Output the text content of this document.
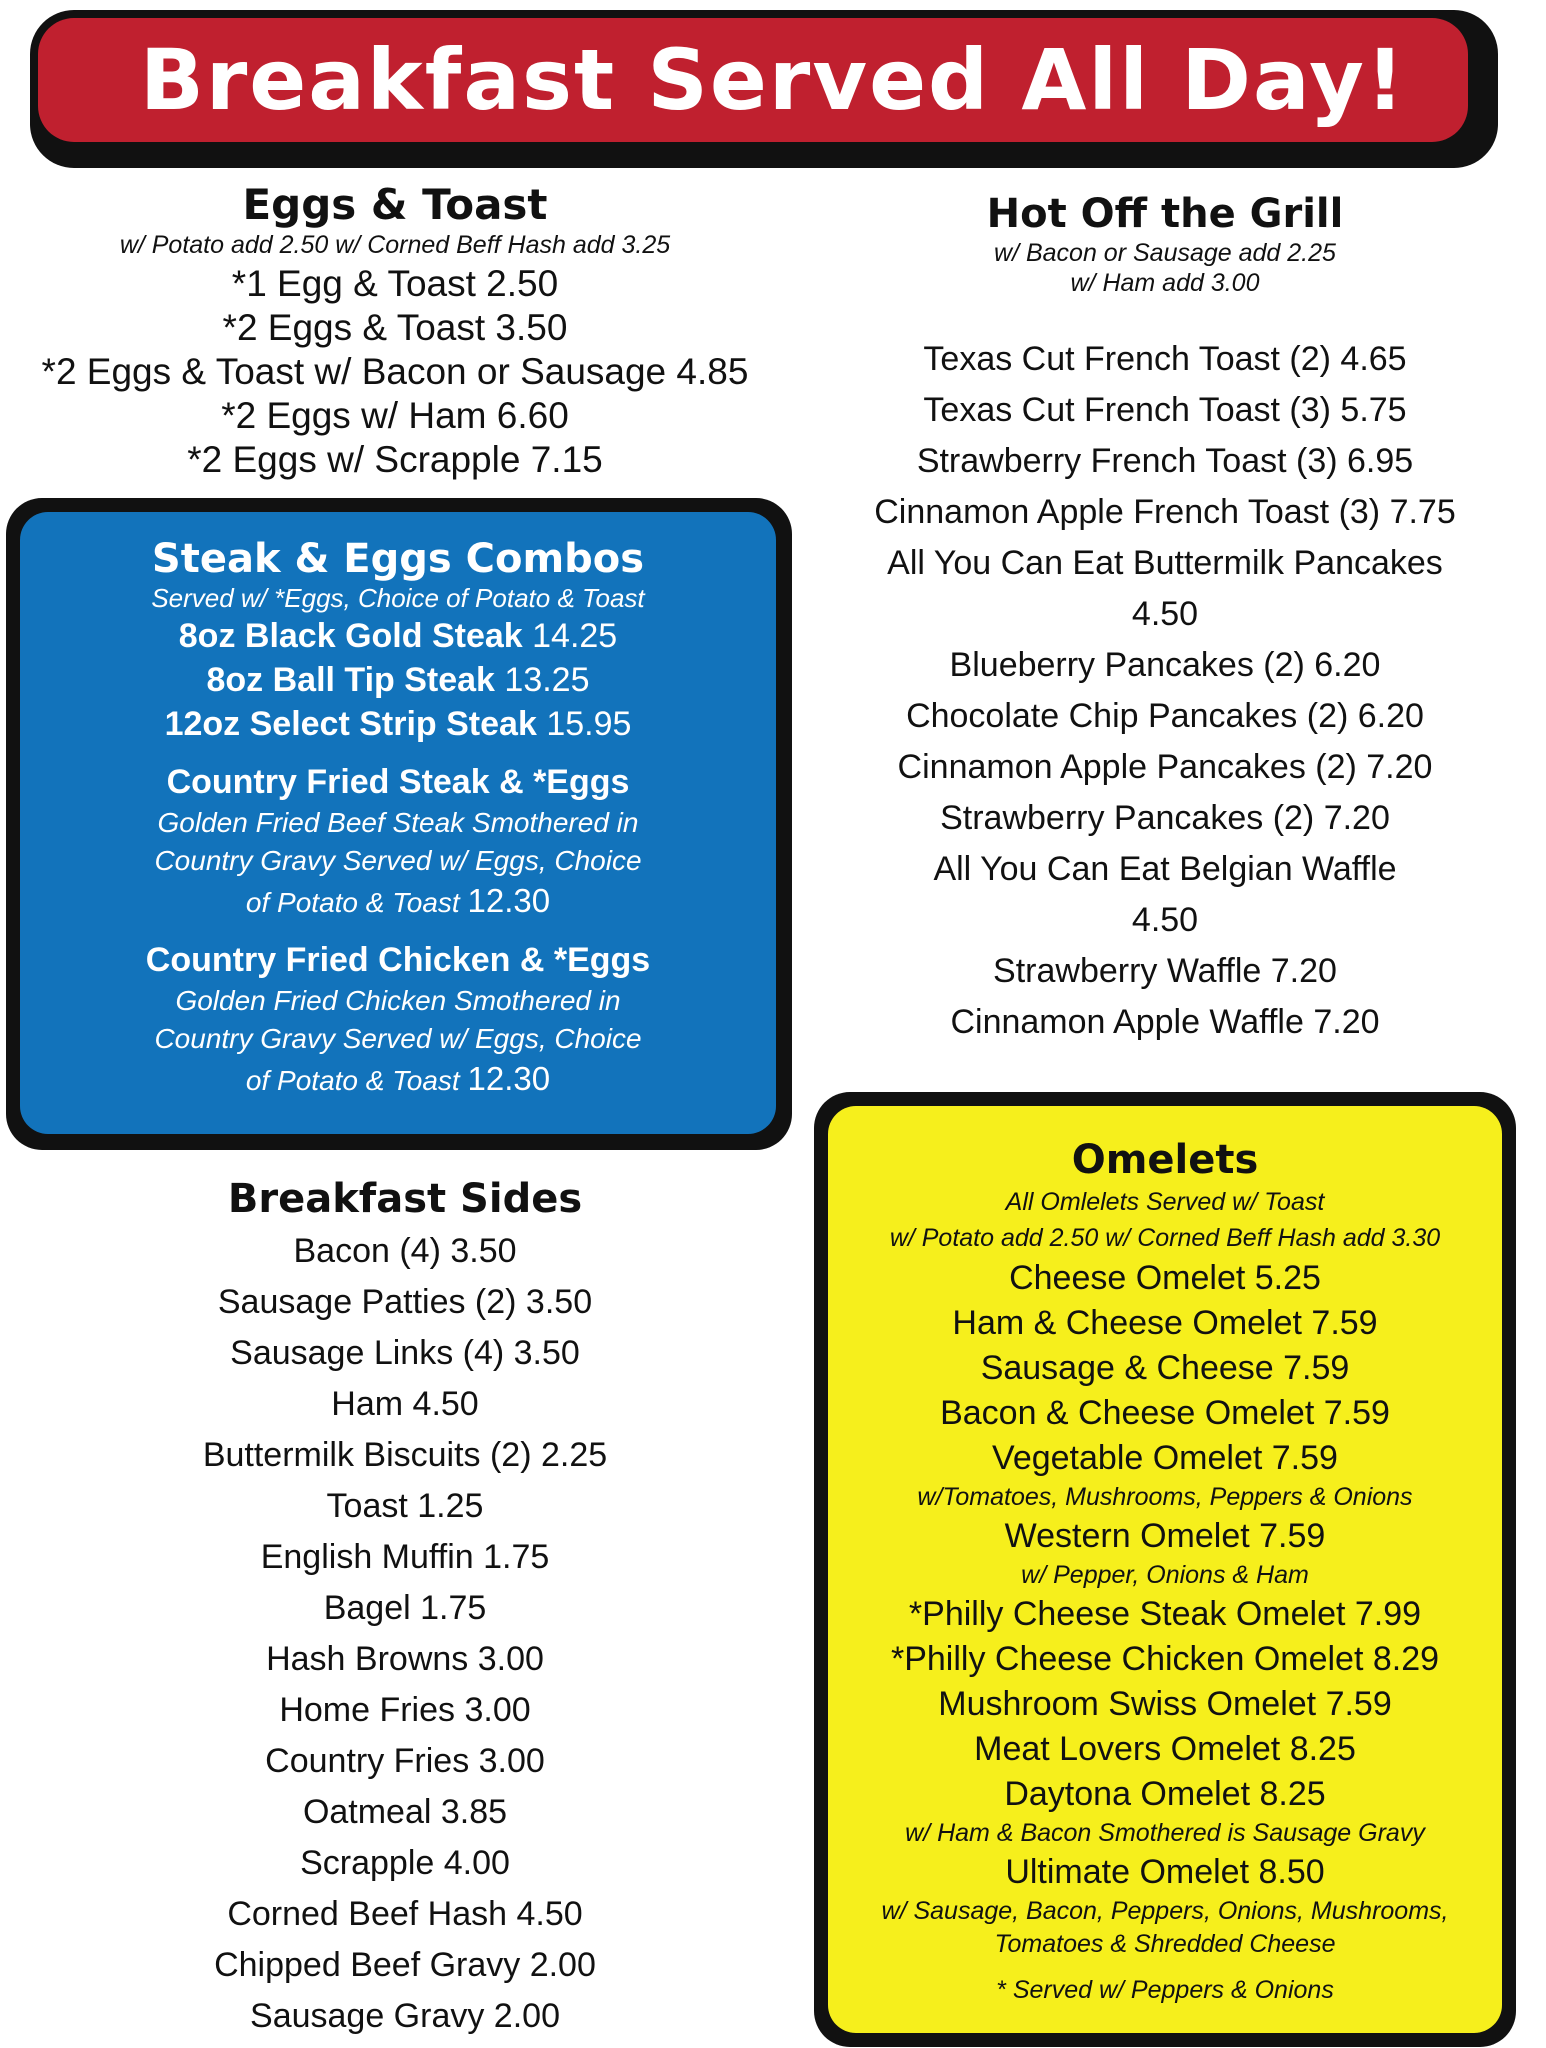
Breakfast Served All Day!
Eggs & Toast
w/ Potato add 2.50 w/ Corned Beff Hash add 3.25
*1 Egg & Toast 2.50
*2 Eggs & Toast 3.50
*2 Eggs & Toast w/ Bacon or Sausage 4.85
*2 Eggs w/ Ham 6.60
*2 Eggs w/ Scrapple 7.15
Steak & Eggs Combos
Served w/ *Eggs, Choice of Potato & Toast
8oz Black Gold Steak 14.25
8oz Ball Tip Steak 13.25
12oz Select Strip Steak 15.95
Country Fried Steak & *Eggs
Golden Fried Beef Steak Smothered in
Country Gravy Served w/ Eggs, Choice
of Potato & Toast 12.30
Country Fried Chicken & *Eggs
Golden Fried Chicken Smothered in
Country Gravy Served w/ Eggs, Choice
of Potato & Toast 12.30
Breakfast Sides
Bacon (4) 3.50
Sausage Patties (2) 3.50
Sausage Links (4) 3.50
Ham 4.50
Buttermilk Biscuits (2) 2.25
Toast 1.25
English Muffin 1.75
Bagel 1.75
Hash Browns 3.00
Home Fries 3.00
Country Fries 3.00
Oatmeal 3.85
Scrapple 4.00
Corned Beef Hash 4.50
Chipped Beef Gravy 2.00
Sausage Gravy 2.00
Hot Off the Grill
w/ Bacon or Sausage add 2.25
w/ Ham add 3.00
Texas Cut French Toast (2) 4.65
Texas Cut French Toast (3) 5.75
Strawberry French Toast (3) 6.95
Cinnamon Apple French Toast (3) 7.75
All You Can Eat Buttermilk Pancakes
4.50
Blueberry Pancakes (2) 6.20
Chocolate Chip Pancakes (2) 6.20
Cinnamon Apple Pancakes (2) 7.20
Strawberry Pancakes (2) 7.20
All You Can Eat Belgian Waffle
4.50
Strawberry Waffle 7.20
Cinnamon Apple Waffle 7.20
Omelets
All Omlelets Served w/ Toast
w/ Potato add 2.50 w/ Corned Beff Hash add 3.30
Cheese Omelet 5.25
Ham & Cheese Omelet 7.59
Sausage & Cheese 7.59
Bacon & Cheese Omelet 7.59
Vegetable Omelet 7.59
w/Tomatoes, Mushrooms, Peppers & Onions
Western Omelet 7.59
w/ Pepper, Onions & Ham
*Philly Cheese Steak Omelet 7.99
*Philly Cheese Chicken Omelet 8.29
Mushroom Swiss Omelet 7.59
Meat Lovers Omelet 8.25
Daytona Omelet 8.25
w/ Ham & Bacon Smothered is Sausage Gravy
Ultimate Omelet 8.50
w/ Sausage, Bacon, Peppers, Onions, Mushrooms,
Tomatoes & Shredded Cheese
* Served w/ Peppers & Onions
